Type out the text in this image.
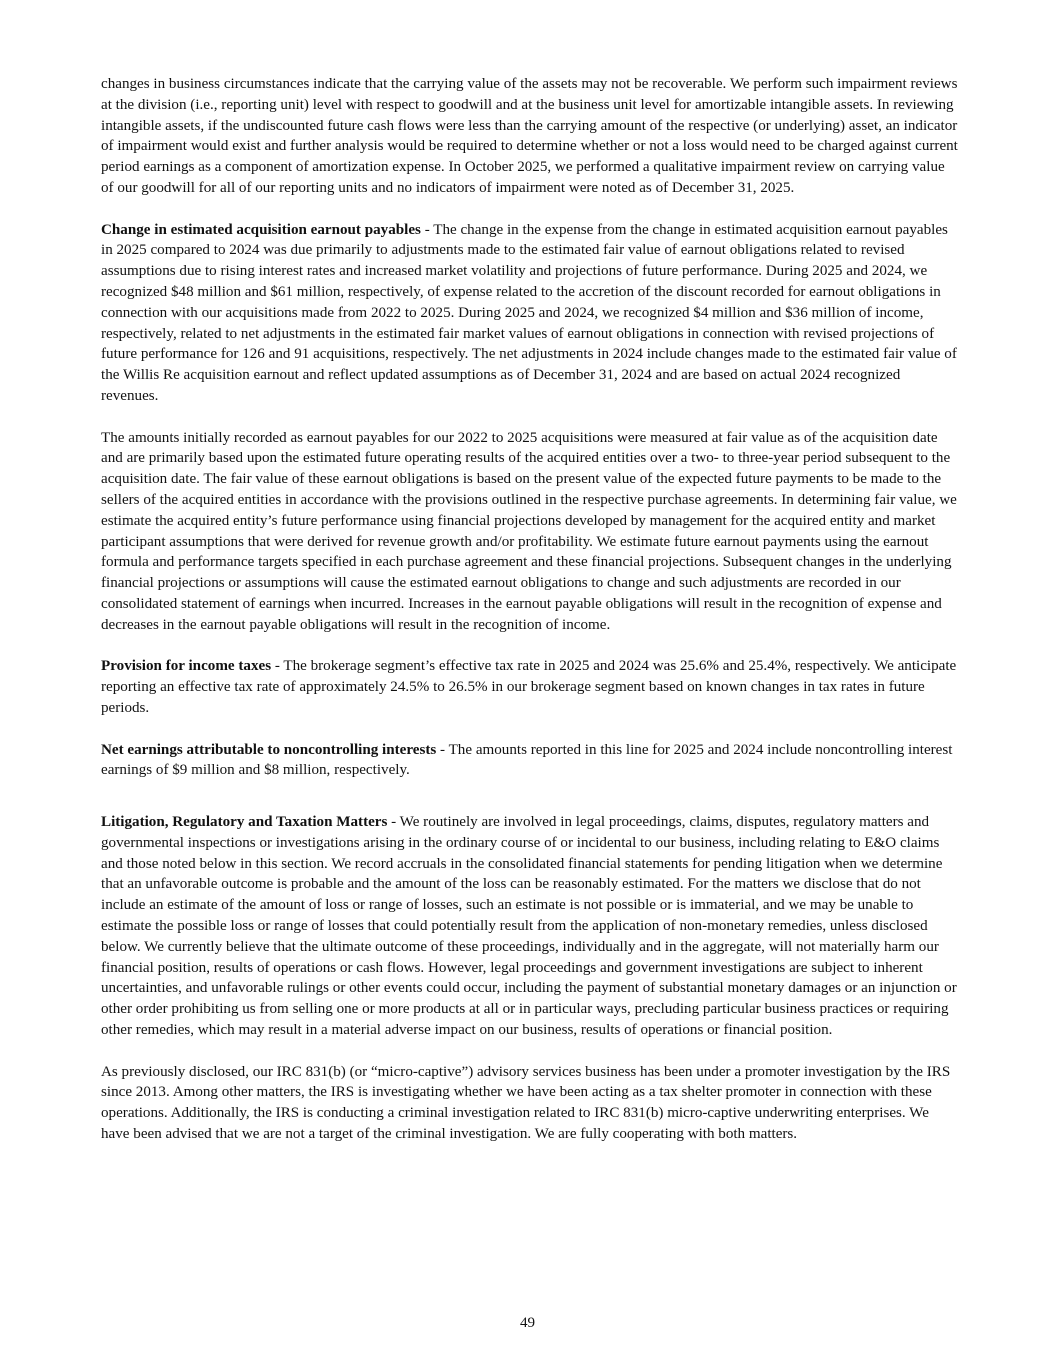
changes in business circumstances indicate that the carrying value of the assets may not be recoverable. We perform such impairment reviews at the division (i.e., reporting unit) level with respect to goodwill and at the business unit level for amortizable intangible assets. In reviewing intangible assets, if the undiscounted future cash flows were less than the carrying amount of the respective (or underlying) asset, an indicator of impairment would exist and further analysis would be required to determine whether or not a loss would need to be charged against current period earnings as a component of amortization expense. In October 2025, we performed a qualitative impairment review on carrying value of our goodwill for all of our reporting units and no indicators of impairment were noted as of December 31, 2025.

Change in estimated acquisition earnout payables - The change in the expense from the change in estimated acquisition earnout payables in 2025 compared to 2024 was due primarily to adjustments made to the estimated fair value of earnout obligations related to revised assumptions due to rising interest rates and increased market volatility and projections of future performance. During 2025 and 2024, we recognized $48 million and $61 million, respectively, of expense related to the accretion of the discount recorded for earnout obligations in connection with our acquisitions made from 2022 to 2025. During 2025 and 2024, we recognized $4 million and $36 million of income, respectively, related to net adjustments in the estimated fair market values of earnout obligations in connection with revised projections of future performance for 126 and 91 acquisitions, respectively. The net adjustments in 2024 include changes made to the estimated fair value of the Willis Re acquisition earnout and reflect updated assumptions as of December 31, 2024 and are based on actual 2024 recognized revenues.

The amounts initially recorded as earnout payables for our 2022 to 2025 acquisitions were measured at fair value as of the acquisition date and are primarily based upon the estimated future operating results of the acquired entities over a two- to three-year period subsequent to the acquisition date. The fair value of these earnout obligations is based on the present value of the expected future payments to be made to the sellers of the acquired entities in accordance with the provisions outlined in the respective purchase agreements. In determining fair value, we estimate the acquired entity’s future performance using financial projections developed by management for the acquired entity and market participant assumptions that were derived for revenue growth and/or profitability. We estimate future earnout payments using the earnout formula and performance targets specified in each purchase agreement and these financial projections. Subsequent changes in the underlying financial projections or assumptions will cause the estimated earnout obligations to change and such adjustments are recorded in our consolidated statement of earnings when incurred. Increases in the earnout payable obligations will result in the recognition of expense and decreases in the earnout payable obligations will result in the recognition of income.

Provision for income taxes - The brokerage segment’s effective tax rate in 2025 and 2024 was 25.6% and 25.4%, respectively. We anticipate reporting an effective tax rate of approximately 24.5% to 26.5% in our brokerage segment based on known changes in tax rates in future periods.

Net earnings attributable to noncontrolling interests - The amounts reported in this line for 2025 and 2024 include noncontrolling interest earnings of $9 million and $8 million, respectively.

Litigation, Regulatory and Taxation Matters - We routinely are involved in legal proceedings, claims, disputes, regulatory matters and governmental inspections or investigations arising in the ordinary course of or incidental to our business, including relating to E&O claims and those noted below in this section. We record accruals in the consolidated financial statements for pending litigation when we determine that an unfavorable outcome is probable and the amount of the loss can be reasonably estimated. For the matters we disclose that do not include an estimate of the amount of loss or range of losses, such an estimate is not possible or is immaterial, and we may be unable to estimate the possible loss or range of losses that could potentially result from the application of non-monetary remedies, unless disclosed below. We currently believe that the ultimate outcome of these proceedings, individually and in the aggregate, will not materially harm our financial position, results of operations or cash flows. However, legal proceedings and government investigations are subject to inherent uncertainties, and unfavorable rulings or other events could occur, including the payment of substantial monetary damages or an injunction or other order prohibiting us from selling one or more products at all or in particular ways, precluding particular business practices or requiring other remedies, which may result in a material adverse impact on our business, results of operations or financial position.

As previously disclosed, our IRC 831(b) (or “micro-captive”) advisory services business has been under a promoter investigation by the IRS since 2013. Among other matters, the IRS is investigating whether we have been acting as a tax shelter promoter in connection with these operations. Additionally, the IRS is conducting a criminal investigation related to IRC 831(b) micro-captive underwriting enterprises. We have been advised that we are not a target of the criminal investigation. We are fully cooperating with both matters.

49
